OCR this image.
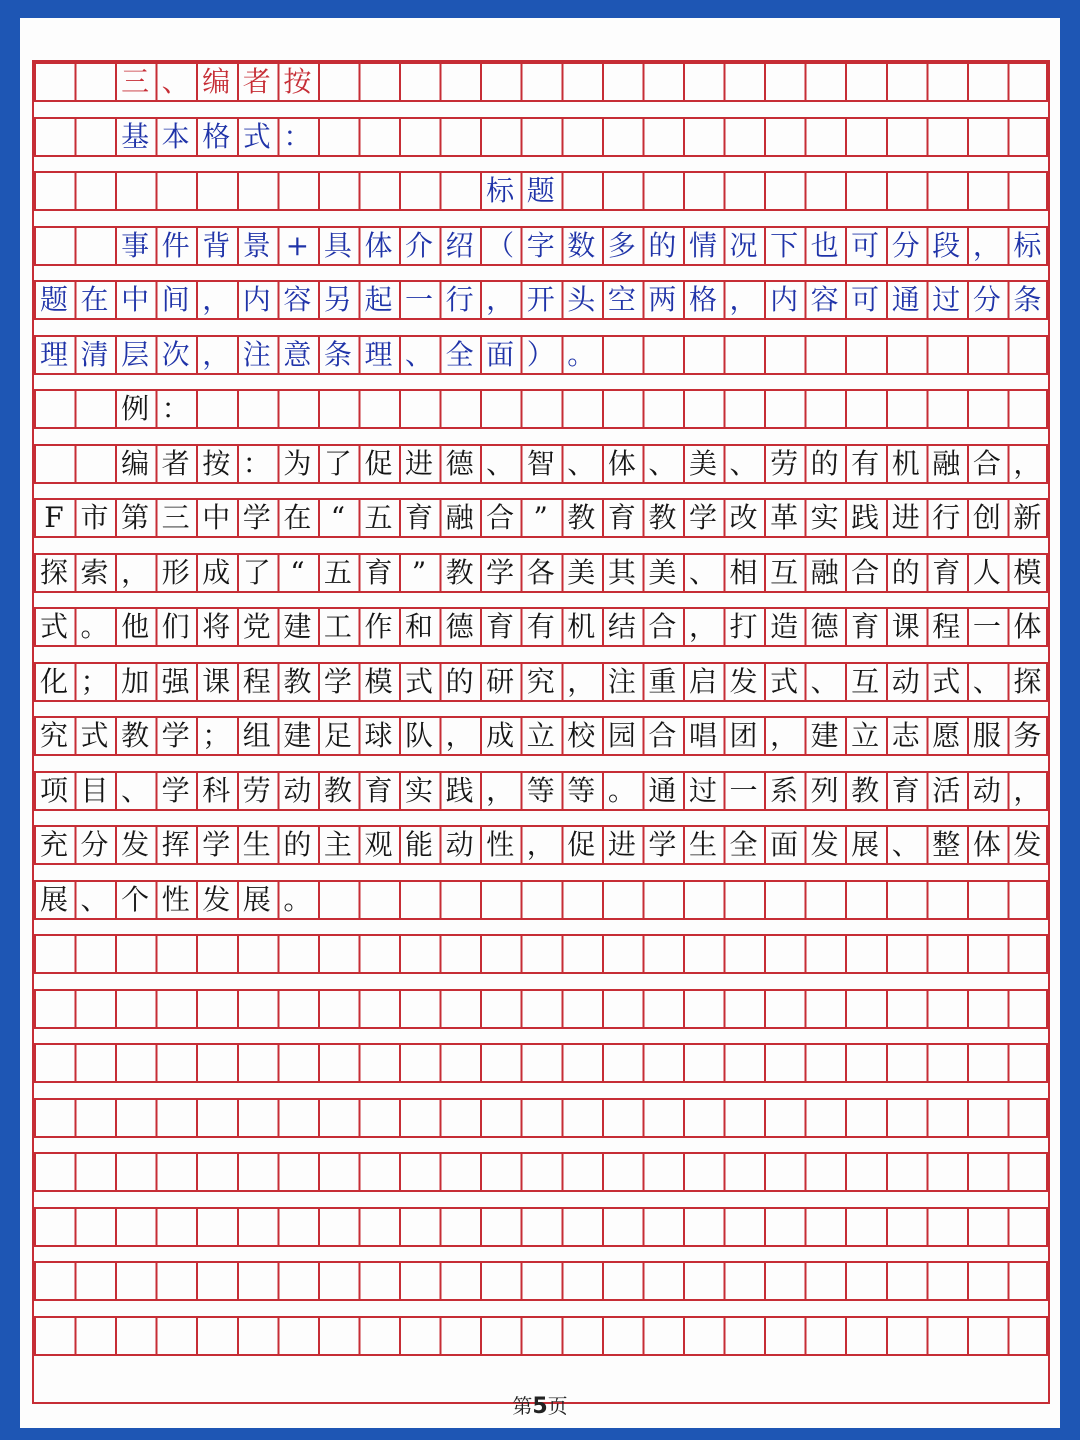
三 、 编 者 按
基 本 格 式 ：
标 题
事 件 背 景 + 具 体 介 绍 （ 字 数 多 的 情 况 下 也 可 分 段 ， 标
题 在 中 间 ， 内 容 另 起 一 行 ， 开 头 空 两 格 ， 内 容 可 通 过 分 条
理 清 层 次 ， 注 意 条 理 、 全 面 ） 。
例 ：
编 者 按 ： 为 了 促 进 德 、 智 、 体 、 美 、 劳 的 有 机 融 合 ，
F 市 第 三 中 学 在 “ 五 育 融 合 ” 教 育 教 学 改 革 实 践 进 行 创 新
探 索 ， 形 成 了 “ 五 育 ” 教 学 各 美 其 美 、 相 互 融 合 的 育 人 模
式 。 他 们 将 党 建 工 作 和 德 育 有 机 结 合 ， 打 造 德 育 课 程 一 体
化 ； 加 强 课 程 教 学 模 式 的 研 究 ， 注 重 启 发 式 、 互 动 式 、 探
究 式 教 学 ； 组 建 足 球 队 ， 成 立 校 园 合 唱 团 ， 建 立 志 愿 服 务
项 目 、 学 科 劳 动 教 育 实 践 ， 等 等 。 通 过 一 系 列 教 育 活 动 ，
充 分 发 挥 学 生 的 主 观 能 动 性 ， 促 进 学 生 全 面 发 展 、 整 体 发
展 、 个 性 发 展 。
第5页
